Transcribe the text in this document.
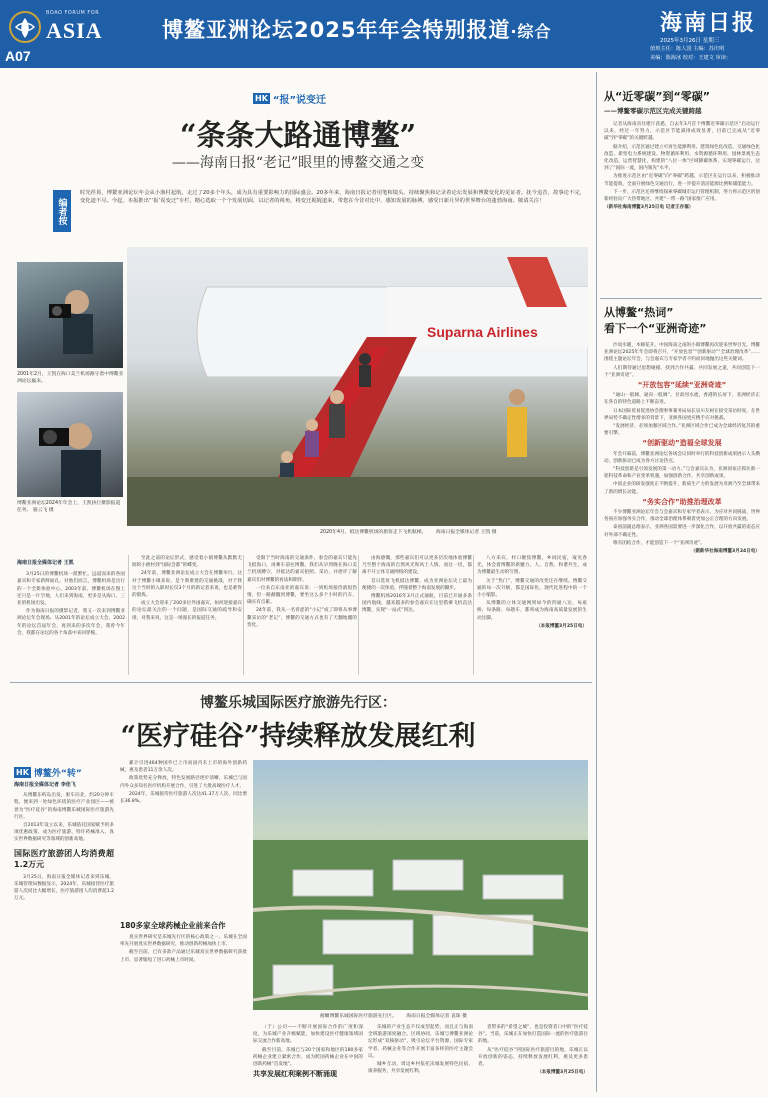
A07
BOAO FORUM FOR
ASIA	博鳌亚洲论坛2025年年会特别报道·综合	海南日报
2025年3月26日 星期三
值班主任：陈人国 主编：苏庆明
美编：陈海冰 校对：王建文 审读：
HK “报”说变迁
“条条大路通博鳌”
——海南日报“老记”眼里的博鳌交通之变
编者按
时光荏苒，博鳌亚洲论坛年会从小渔村起航，走过了20多个年头，成为具有重要影响力的国际盛会。20多年来，海南日报记者用笔和镜头，持续聚焦和记录着论坛发展和博鳌变化的见证者。抚今追昔，故事论不完，变化道不尽。今起，本报推出“‘报’说变迁”专栏，精心选取一个个发展切面，以记者的视角，将变迁娓娓道来，带您在今昔对比中，感知发展的脉搏，感受日新月异的世界舞台的蓬勃海南。敬请关注！
2001年2月，王凯在海口美兰机场跟守着中博鳌亚洲论坛赢来。
博鳌亚洲论坛2024年年会上，王凯执行摄影报道任务。 骆云飞 摄
Suparna Airlines
2020年4月，抵达博鳌机场的旅客走下飞机舷梯。 海南日报全媒体记者 王凯 摄
海南日报全媒体记者 王凯

3月25日的博鳌机场一派繁忙。远道而来的各国嘉宾和专家新鲜面孔，对他们而言，博鳌机场是出行的一个全新体验中心。2003年前，博鳌机场在图上还只是一片空地，人们来到海南，更多是从海口、三亚的机场出发。

作为海南日报的摄影记者，我又一次来到博鳌亚洲论坛年会现场。从2001年的论坛成立大会、2002年的论坛首届年会，再到来的多次年会，我曾今年会，我都在论坛的各个角落中来回穿梭。

至此之前的论坛形式，感受着小镇博鳌从默默无闻的小渔村到“国际会都”的蝶变。

24年前，博鳌亚洲论坛成立大会在博鳌举行。这对于博鳌小镇来说，是个新难建的交通挑战，对于我这个当时的入职时长仅3个月的新记者来说，也是难得的锻炼。

成立大会迎来了200多位外国嘉宾，如何迎接嘉宾的论坛最关注的一个问题，是国际交通的疏导和安排，对我来说，这是一场漫长的报道任务。

受限于当时海南的交通条件，参会的嘉宾只能先飞抵海口，再乘车前往博鳌。我们从早到晚在海口美兰机场蹲守，对抵达的嘉宾拍照、采访，并逐步了解嘉宾们对博鳌的看法和期待。

一位来自东南亚的嘉宾说：一到机场接待就很热情，但一路颠簸到博鳌，要坐这么多个小时的汽车，确实有点累。

24年前，我从一名青涩的“小记”成了即将从事博鳌采访的“老记”，博鳌的交通方式也有了天翻地覆的变化。

由海感慨，那些嘉宾们可以更多层次地体验博鳌乃至整个海南的自然风光和风土人情。而这一切，都离不开立体交通网络的建设。

首日选址飞机抵达博鳌，成为亚洲论坛史上最为便捷的一次体验，伴随着整个海南发展的脚步。

博鳌机场2016年3月正式通航，目前已开通多条国内航线，越来越多的参会嘉宾在这里搭乘飞机直达博鳌，实现“一站式”到达。

八方来宾，村口聚焦博鳌，乡间民宿，窥见春光，体会着博鳌的新魅力。人、自然、和谐共生，成为博鳌最生动的写照。

关于“热门”，博鳌交通的改变还在继续。博鳌交通的每一次升级，都是国际化、现代化进程中的一个小小缩影。

从博鳌的立体交通网到如今的四通八达，每座桥、每条路、每趟车，都将成为海南高质量发展的生动注脚。

（本报博鳌3月25日电）
从“近零碳”到“零碳”
——博鳌零碳示范区完成关键跨越

记者从海南省住建厅获悉，自去年3月首个博鳌近零碳示范区“启动运行以来，经过一年努力，示范区节能减排成效显著，目前已完成从“近零碳”到“零碳”的关键跨越。

据介绍，示范区通过建立可再生能源利用、建筑绿色化改造、交通绿色化改造、新型电力系统建设、物资循环利用、水资源循环利用、园林景观生态化改造、运营智慧化，构建的“八位一体”区域降碳体系，实现零碳运行，达到了“国际一流，国内领先”水平。

为推进示范区由“近零碳”向“零碳”跨越，示范区在运行以来，积极推动节能提效，全面开展绿色交通出行，进一步提升清洁能源比例和储能能力。

下一步，示范区还将继续探索零碳城市运行管理机制，努力将示范区的创新经验向广大热带地区、共建“一带一路”国家推广应用。

（新华社海南博鳌3月25日电 记者王存福）
从博鳌“热词”
看下一个“亚洲奇迹”

沙而水暖，木棉花开。中国海南之南的小镇博鳌再次迎来世界目光。博鳌亚洲论坛2025年年会即将召开，“开放包容”“创新驱动”“全球治理改革”……围绕主题论坛年会，与会嘉宾与专家学者不约而同地抛出这些关键词。

人们期待通过思想碰撞、找到合作共赢、共同发展之道，共同创造下一个“亚洲奇迹”。

“开放包容”延续“亚洲奇迹”

“通山一般阔，通向一般阔”。甘肃河水流，香港的长屏下，亚洲经济正在各自的特色道路上不断奋进。

日本国际贸易促进协会理事事兼务局局长泉川友树在接受采访时说，在世界局势不确定性增多的背景下，亚洲各国更应携手应对挑战。

“发展经济，必须加强区域合作。”亚洲区域合作已成为全球经济复苏的重要引擎。

“创新驱动”造福全球发展

年会开幕前，博鳌亚洲论坛各场会议同时举行的科技创新成果展示人头攒动，创新驱动已成为各方讨论热点。

“科技创新是引领发展的第一动力。”与会嘉宾认为，亚洲国家应抓住新一轮科技革命和产业变革机遇，加强创新合作，共享创新成果。

中国企业的研发强度正不断提升，新质生产力的发展为亚洲乃至全球带来了新的增长动能。

“务实合作”助推治理改革

不少博鳌亚洲论坛年会与会嘉宾和专家学者表示，为应对共同挑战，世界各国应加强务实合作，推动全球治理体系朝着更加公正合理的方向发展。

泰国前副总理表示，亚洲各国需要进一步深化合作，以开放共赢的姿态应对外部不确定性。

唯有团结合作，才能创造下一个“亚洲奇迹”。

（据新华社海南博鳌3月24日电）
博鳌乐城国际医疗旅游先行区：
“医疗硅谷”持续释放发展红利
HK 博鳌外“转”
海南日报全媒体记者 李佳飞

从博鳌东屿岛出发，驱车向北，约20分钟车程，便来到一处绿色环绕的医疗产业园区——被誉为“医疗硅谷”的海南博鳌乐城国际医疗旅游先行区。

自2013年设立以来，乐城依托国家赋予的多项优惠政策，成为医疗旅游、特许药械准入、真实世界数据研究等领域的创新高地。

国际医疗旅游团人均消费超1.2万元

3月25日，海南日报全媒体记者来到乐城，乐城管理局数据显示，2024年，乐城接待医疗旅游人次同比大幅增长，医疗旅游团人均消费超1.2万元。

累计引进464种国外已上市而国内未上市的海外创新药械，惠及患者11万余人次。

政策优势充分释放，特色发展路径逐步清晰。乐城已与国内外众多知名医疗机构开展合作，引进了大批高端医疗人才。

2024年，乐城接待医疗旅游人次达41.37万人次，同比增长36.8%。

俯瞰博鳌乐城国际医疗旅游先行区。 海南日报全媒体记者 袁琛 摄
180多家全球药械企业前来合作

真实世界研究是乐城先行区的核心政策之一。乐城在全国率先开展真实世界数据研究，推动创新药械加快上市。

截至目前，已有多款产品通过乐城真实世界数据研究获批上市，显著缩短了进口药械上市时间。

（于）公司——不断开展国际合作的广度和深度，为乐城产业升级赋能，加快建设医疗健康领域国际交流合作新高地。

截至目前，乐城已与20个国家和地区的180多家药械企业建立紧密合作，成为跨国药械企业在中国的创新药械“首发地”。

共享发展红利案例不断涌现

乐城的产业生态不仅成型起势，而且正与海南全域旅游深度融合。区域协同，乐城与博鳌亚洲论坛形成“双核驱动”，吸引论坛平台资源、国际专家学者、药械企业等合作开展丰富多样的医疗主题会议。

城乡互动，周边乡村依托乐城发展特色民宿、康养服务，共享发展红利。

者带来的“希望之城”，也是投资者口中的“医疗硅谷”。当前，乐城正在加快打造国际一流的医疗旅游目的地。

从“医疗硅谷”到国际医疗旅游目的地，乐城正以开放创新的姿态，持续释放发展红利，惠及更多患者。

（本报博鳌3月25日电）
